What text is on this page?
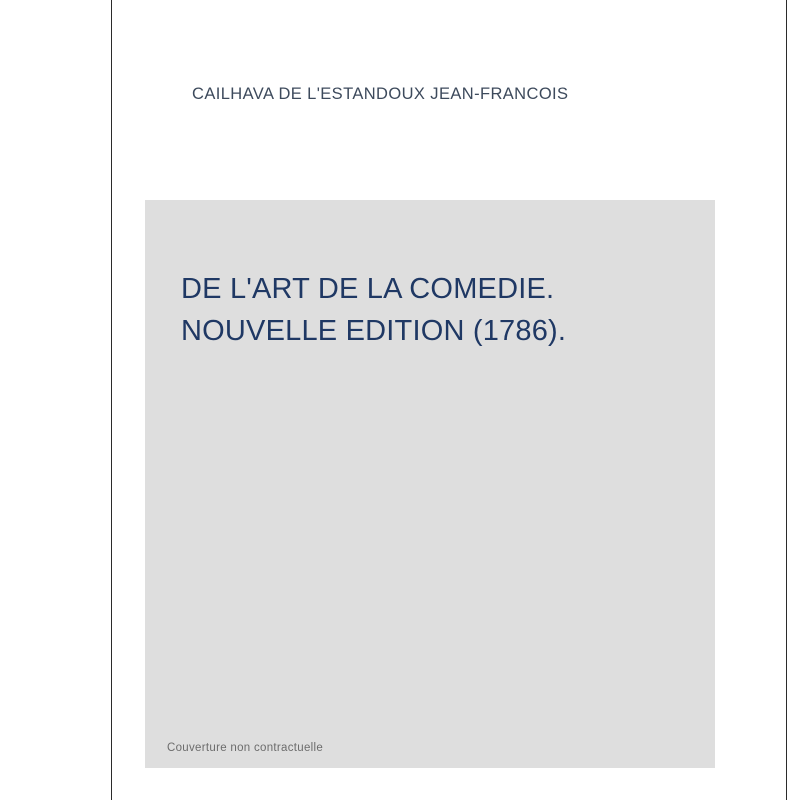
CAILHAVA DE L'ESTANDOUX JEAN-FRANCOIS
DE L'ART DE LA COMEDIE.
NOUVELLE EDITION (1786).
Couverture non contractuelle
